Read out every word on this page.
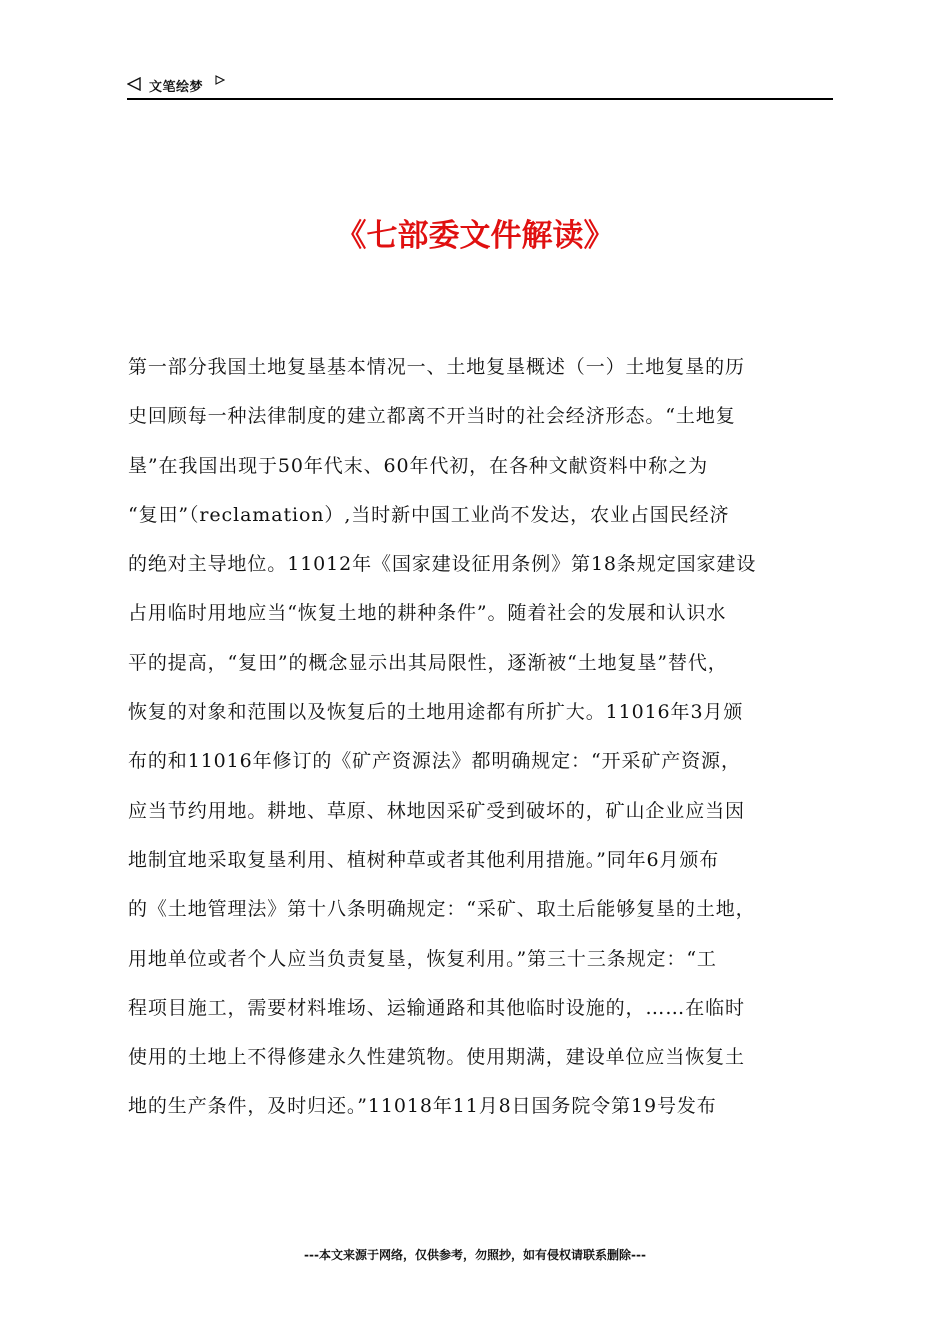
文笔绘梦
《七部委文件解读》
第一部分我国土地复垦基本情况一、土地复垦概述（一）土地复垦的历
史回顾每一种法律制度的建立都离不开当时的社会经济形态。“土地复
垦”在我国出现于50年代末、60年代初，在各种文献资料中称之为
“复田”（reclamation）,当时新中国工业尚不发达，农业占国民经济
的绝对主导地位。11012年《国家建设征用条例》第18条规定国家建设
占用临时用地应当“恢复土地的耕种条件”。随着社会的发展和认识水
平的提高，“复田”的概念显示出其局限性，逐渐被“土地复垦”替代，
恢复的对象和范围以及恢复后的土地用途都有所扩大。11016年3月颁
布的和11016年修订的《矿产资源法》都明确规定：“开采矿产资源，
应当节约用地。耕地、草原、林地因采矿受到破坏的，矿山企业应当因
地制宜地采取复垦利用、植树种草或者其他利用措施。”同年6月颁布
的《土地管理法》第十八条明确规定：“采矿、取土后能够复垦的土地，
用地单位或者个人应当负责复垦，恢复利用。”第三十三条规定：“工
程项目施工，需要材料堆场、运输通路和其他临时设施的，……在临时
使用的土地上不得修建永久性建筑物。使用期满，建设单位应当恢复土
地的生产条件，及时归还。”11018年11月8日国务院令第19号发布
---本文来源于网络，仅供参考，勿照抄，如有侵权请联系删除---
